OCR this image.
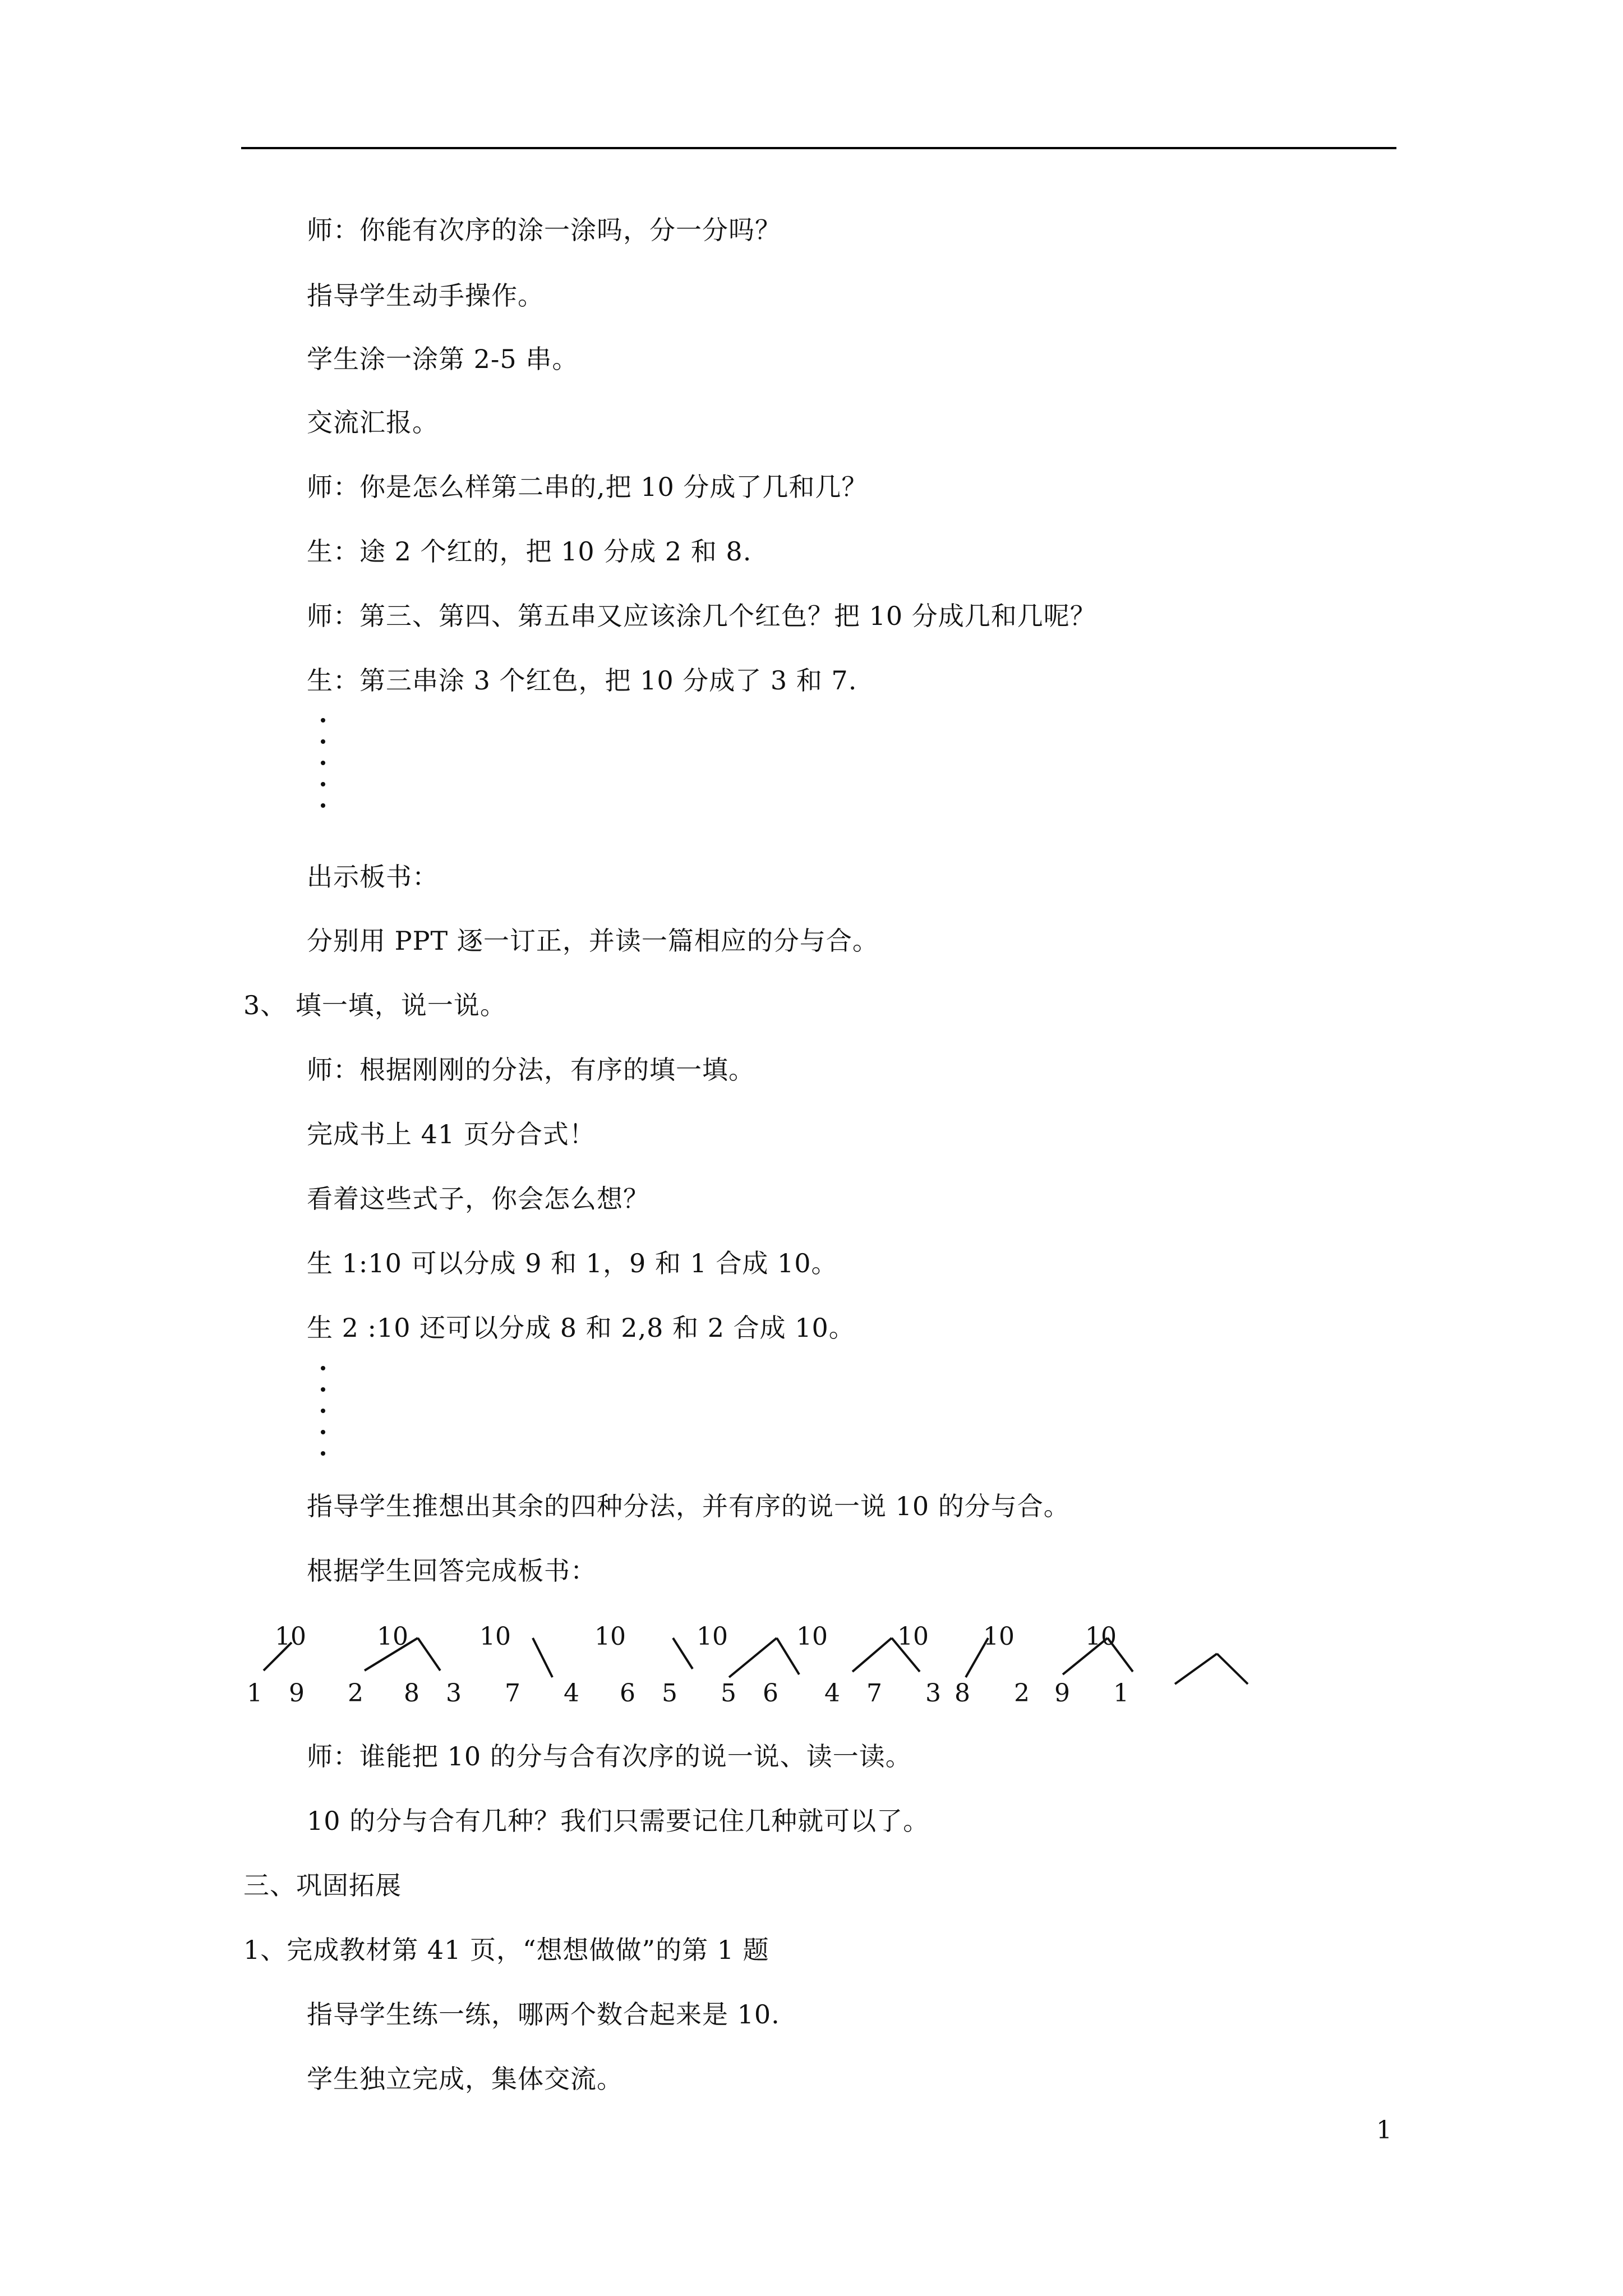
师：你能有次序的涂一涂吗，分一分吗？
指导学生动手操作。
学生涂一涂第 2-5 串。
交流汇报。
师：你是怎么样第二串的,把 10 分成了几和几？
生：途 2 个红的，把 10 分成 2 和 8.
师：第三、第四、第五串又应该涂几个红色？把 10 分成几和几呢？
生：第三串涂 3 个红色，把 10 分成了 3 和 7.
出示板书：
分别用 PPT 逐一订正，并读一篇相应的分与合。
3、 填一填，说一说。
师：根据刚刚的分法，有序的填一填。
完成书上 41 页分合式！
看着这些式子，你会怎么想？
生 1:10 可以分成 9 和 1，9 和 1 合成 10。
生 2 :10 还可以分成 8 和 2,8 和 2 合成 10。
指导学生推想出其余的四种分法，并有序的说一说 10 的分与合。
根据学生回答完成板书：
10	10	10	10	10	10	10 10	10
1 9 2 8 3 7 4 6 5 5 6 4 7 3 8 2 9 1
师：谁能把 10 的分与合有次序的说一说、读一读。
10 的分与合有几种？我们只需要记住几种就可以了。
三、巩固拓展
1、完成教材第 41 页，“想想做做”的第 1 题
指导学生练一练，哪两个数合起来是 10.
学生独立完成，集体交流。
1
